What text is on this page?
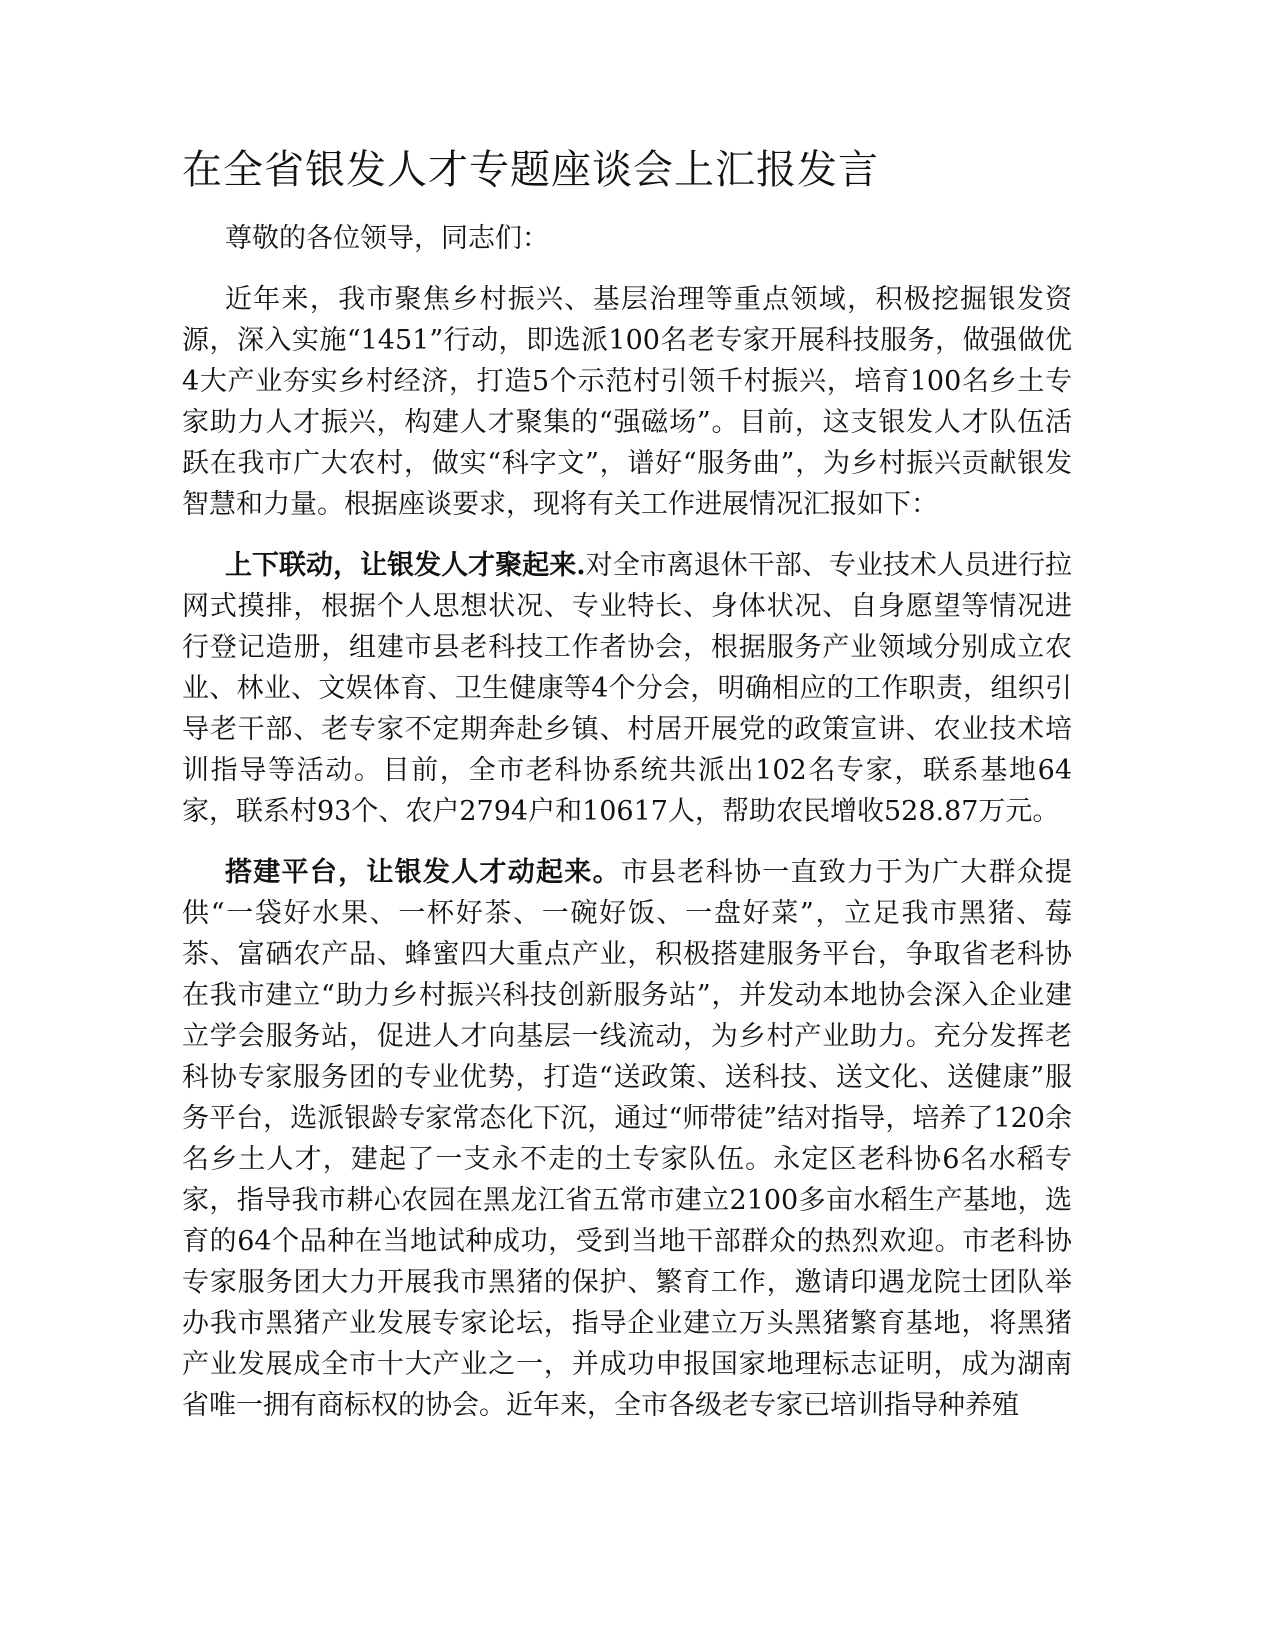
在全省银发人才专题座谈会上汇报发言

尊敬的各位领导，同志们：

近年来，我市聚焦乡村振兴、基层治理等重点领域，积极挖掘银发资源，深入实施“1451”行动，即选派100名老专家开展科技服务，做强做优4大产业夯实乡村经济，打造5个示范村引领千村振兴，培育100名乡土专家助力人才振兴，构建人才聚集的“强磁场”。目前，这支银发人才队伍活跃在我市广大农村，做实“科字文”，谱好“服务曲”，为乡村振兴贡献银发智慧和力量。根据座谈要求，现将有关工作进展情况汇报如下：

上下联动，让银发人才聚起来.对全市离退休干部、专业技术人员进行拉网式摸排，根据个人思想状况、专业特长、身体状况、自身愿望等情况进行登记造册，组建市县老科技工作者协会，根据服务产业领域分别成立农业、林业、文娱体育、卫生健康等4个分会，明确相应的工作职责，组织引导老干部、老专家不定期奔赴乡镇、村居开展党的政策宣讲、农业技术培训指导等活动。目前，全市老科协系统共派出102名专家，联系基地64家，联系村93个、农户2794户和10617人，帮助农民增收528.87万元。

搭建平台，让银发人才动起来。市县老科协一直致力于为广大群众提供“一袋好水果、一杯好茶、一碗好饭、一盘好菜”，立足我市黑猪、莓茶、富硒农产品、蜂蜜四大重点产业，积极搭建服务平台，争取省老科协在我市建立“助力乡村振兴科技创新服务站”，并发动本地协会深入企业建立学会服务站，促进人才向基层一线流动，为乡村产业助力。充分发挥老科协专家服务团的专业优势，打造“送政策、送科技、送文化、送健康”服务平台，选派银龄专家常态化下沉，通过“师带徒”结对指导，培养了120余名乡土人才，建起了一支永不走的土专家队伍。永定区老科协6名水稻专家，指导我市耕心农园在黑龙江省五常市建立2100多亩水稻生产基地，选育的64个品种在当地试种成功，受到当地干部群众的热烈欢迎。市老科协专家服务团大力开展我市黑猪的保护、繁育工作，邀请印遇龙院士团队举办我市黑猪产业发展专家论坛，指导企业建立万头黑猪繁育基地，将黑猪产业发展成全市十大产业之一，并成功申报国家地理标志证明，成为湖南省唯一拥有商标权的协会。近年来，全市各级老专家已培训指导种养殖
